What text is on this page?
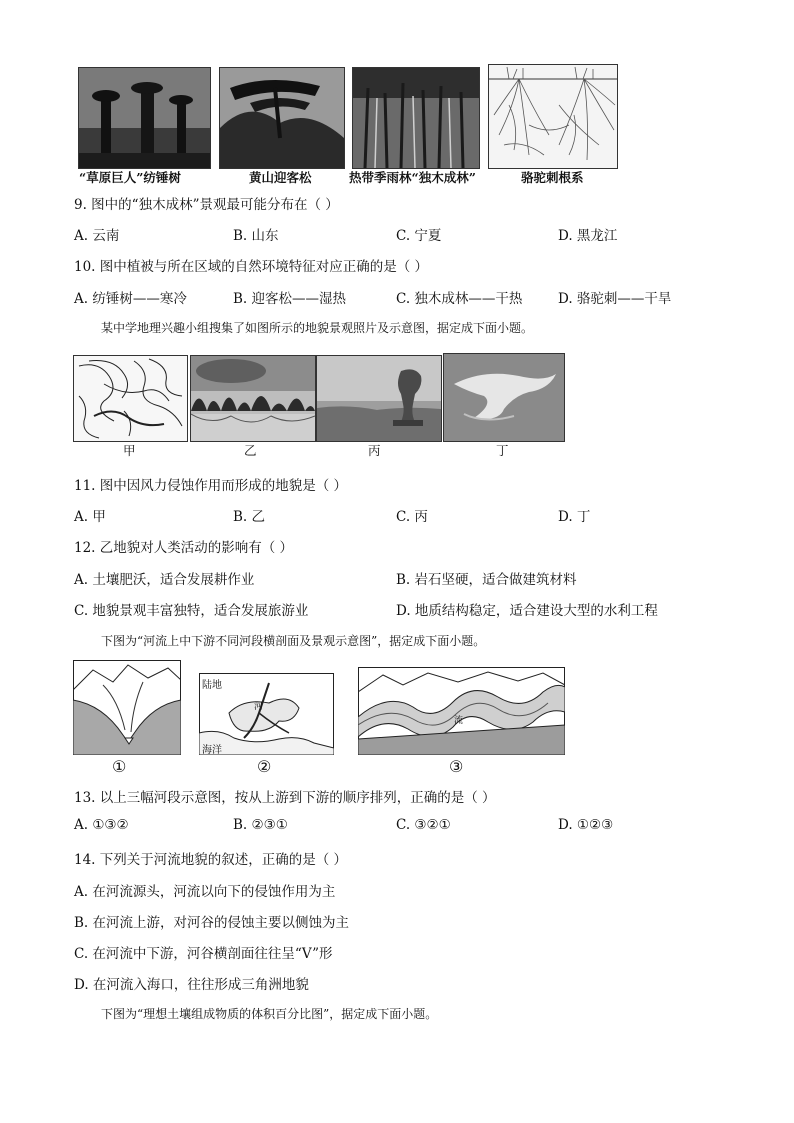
“草原巨人”纺锤树	黄山迎客松	热带季雨林“独木成林”	骆驼刺根系
9. 图中的“独木成林”景观最可能分布在（ ）
A. 云南	B. 山东	C. 宁夏	D. 黑龙江
10. 图中植被与所在区域的自然环境特征对应正确的是（ ）
A. 纺锤树——寒冷	B. 迎客松——湿热	C. 独木成林——干热	D. 骆驼刺——干旱
某中学地理兴趣小组搜集了如图所示的地貌景观照片及示意图，据定成下面小题。
甲	乙	丙	丁
11. 图中因风力侵蚀作用而形成的地貌是（ ）
A. 甲	B. 乙	C. 丙	D. 丁
12. 乙地貌对人类活动的影响有（ ）
A. 土壤肥沃，适合发展耕作业	B. 岩石坚硬，适合做建筑材料
C. 地貌景观丰富独特，适合发展旅游业	D. 地质结构稳定，适合建设大型的水利工程
下图为“河流上中下游不同河段横剖面及景观示意图”，据定成下面小题。
陆地
河
海洋
流
①	②	③
13. 以上三幅河段示意图，按从上游到下游的顺序排列，正确的是（ ）
A. ①③②	B. ②③①	C. ③②①	D. ①②③
14. 下列关于河流地貌的叙述，正确的是（ ）
A. 在河流源头，河流以向下的侵蚀作用为主
B. 在河流上游，对河谷的侵蚀主要以侧蚀为主
C. 在河流中下游，河谷横剖面往往呈“V”形
D. 在河流入海口，往往形成三角洲地貌
下图为“理想土壤组成物质的体积百分比图”，据定成下面小题。
